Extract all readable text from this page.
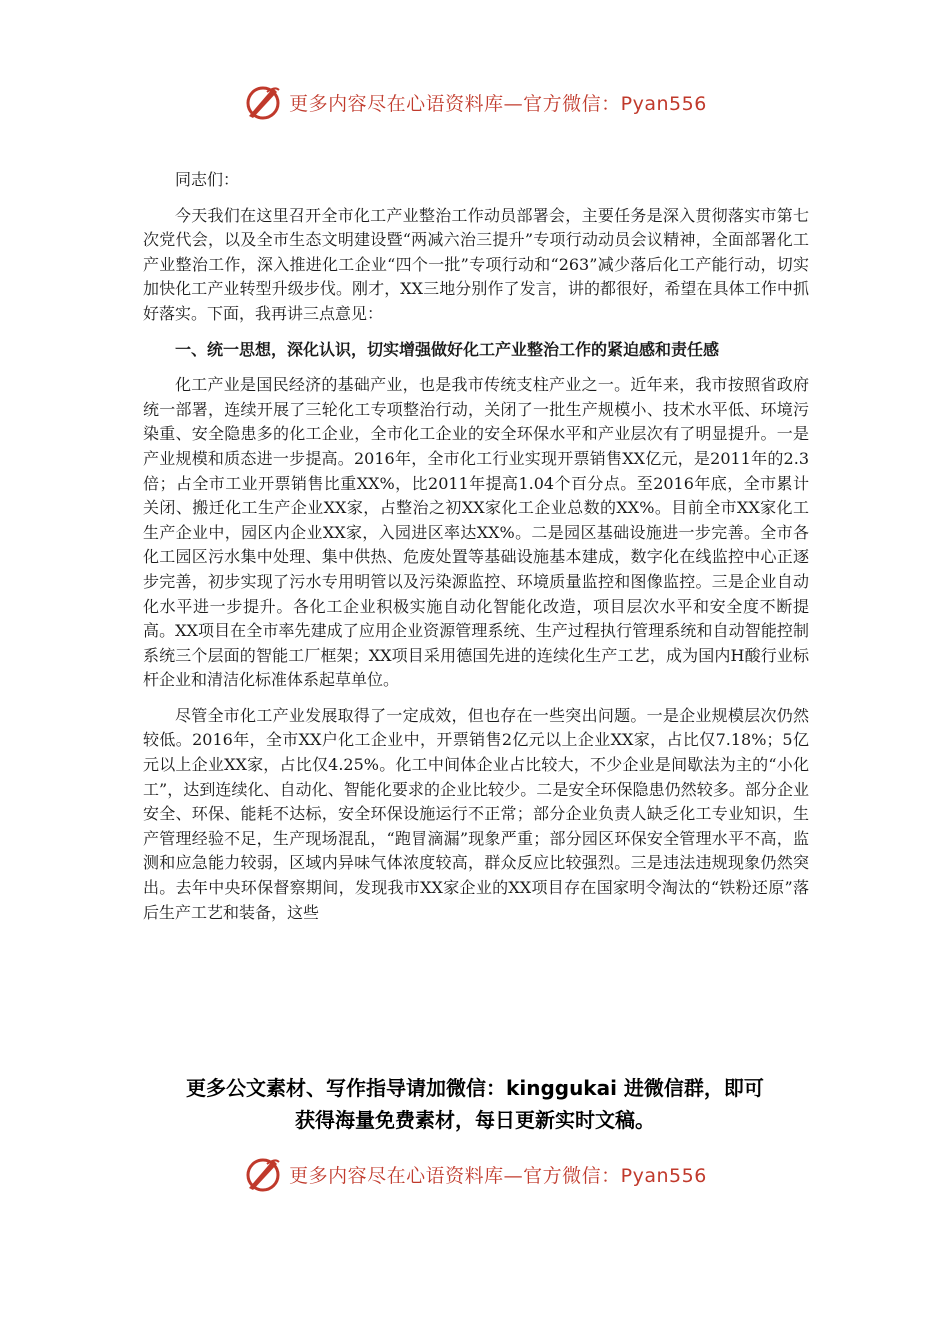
更多内容尽在心语资料库—官方微信：Pyan556

同志们：

今天我们在这里召开全市化工产业整治工作动员部署会，主要任务是深入贯彻落实市第七次党代会，以及全市生态文明建设暨“两减六治三提升”专项行动动员会议精神，全面部署化工产业整治工作，深入推进化工企业“四个一批”专项行动和“263”减少落后化工产能行动，切实加快化工产业转型升级步伐。刚才，XX三地分别作了发言，讲的都很好，希望在具体工作中抓好落实。下面，我再讲三点意见：

一、统一思想，深化认识，切实增强做好化工产业整治工作的紧迫感和责任感

化工产业是国民经济的基础产业，也是我市传统支柱产业之一。近年来，我市按照省政府统一部署，连续开展了三轮化工专项整治行动，关闭了一批生产规模小、技术水平低、环境污染重、安全隐患多的化工企业，全市化工企业的安全环保水平和产业层次有了明显提升。一是产业规模和质态进一步提高。2016年，全市化工行业实现开票销售XX亿元，是2011年的2.3倍；占全市工业开票销售比重XX%，比2011年提高1.04个百分点。至2016年底，全市累计关闭、搬迁化工生产企业XX家，占整治之初XX家化工企业总数的XX%。目前全市XX家化工生产企业中，园区内企业XX家，入园进区率达XX%。二是园区基础设施进一步完善。全市各化工园区污水集中处理、集中供热、危废处置等基础设施基本建成，数字化在线监控中心正逐步完善，初步实现了污水专用明管以及污染源监控、环境质量监控和图像监控。三是企业自动化水平进一步提升。各化工企业积极实施自动化智能化改造，项目层次水平和安全度不断提高。XX项目在全市率先建成了应用企业资源管理系统、生产过程执行管理系统和自动智能控制系统三个层面的智能工厂框架；XX项目采用德国先进的连续化生产工艺，成为国内H酸行业标杆企业和清洁化标准体系起草单位。

尽管全市化工产业发展取得了一定成效，但也存在一些突出问题。一是企业规模层次仍然较低。2016年，全市XX户化工企业中，开票销售2亿元以上企业XX家，占比仅7.18%；5亿元以上企业XX家，占比仅4.25%。化工中间体企业占比较大，不少企业是间歇法为主的“小化工”，达到连续化、自动化、智能化要求的企业比较少。二是安全环保隐患仍然较多。部分企业安全、环保、能耗不达标，安全环保设施运行不正常；部分企业负责人缺乏化工专业知识，生产管理经验不足，生产现场混乱，“跑冒滴漏”现象严重；部分园区环保安全管理水平不高，监测和应急能力较弱，区域内异味气体浓度较高，群众反应比较强烈。三是违法违规现象仍然突出。去年中央环保督察期间，发现我市XX家企业的XX项目存在国家明令淘汰的“铁粉还原”落后生产工艺和装备，这些

更多公文素材、写作指导请加微信：kinggukai 进微信群，即可
获得海量免费素材，每日更新实时文稿。
更多内容尽在心语资料库—官方微信：Pyan556
